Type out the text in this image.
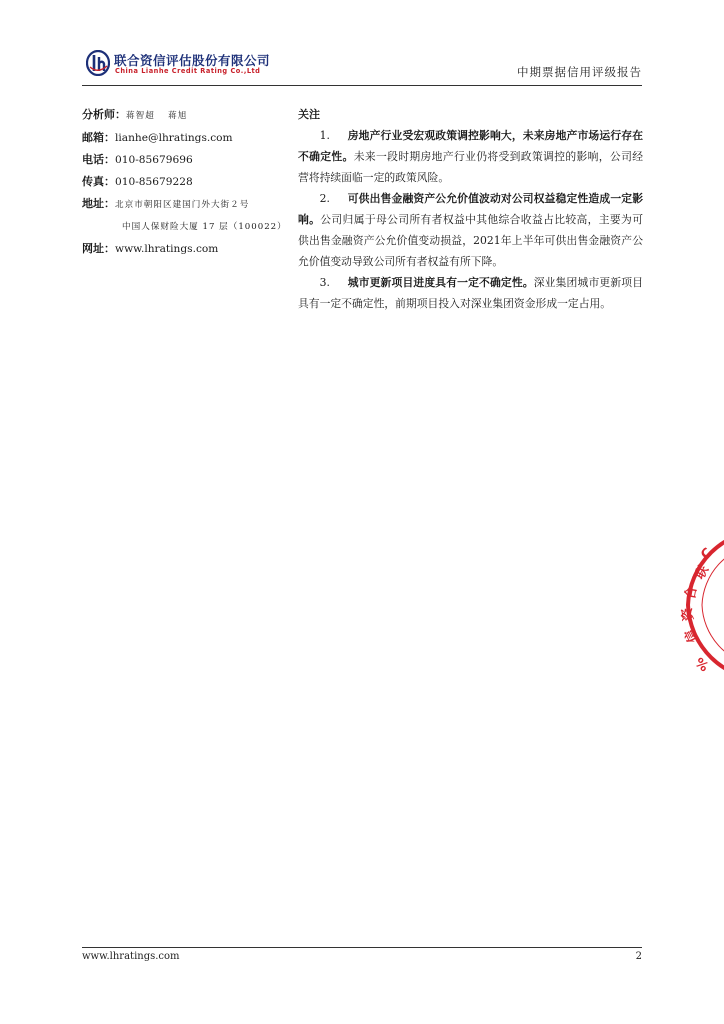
联合资信评估股份有限公司
China Lianhe Credit Rating Co.,Ltd	中期票据信用评级报告
分析师：蒋智超　 蒋旭
邮箱：lianhe@lhratings.com
电话：010-85679696
传真：010-85679228
地址：北京市朝阳区建国门外大街２号
中国人保财险大厦 17 层（100022）
网址：www.lhratings.com
关注

1. 房地产行业受宏观政策调控影响大，未来房地产市场运行存在不确定性。未来一段时期房地产行业仍将受到政策调控的影响，公司经营将持续面临一定的政策风险。

2. 可供出售金融资产公允价值波动对公司权益稳定性造成一定影响。公司归属于母公司所有者权益中其他综合收益占比较高，主要为可供出售金融资产公允价值变动损益，2021年上半年可供出售金融资产公允价值变动导致公司所有者权益有所下降。

3. 城市更新项目进度具有一定不确定性。深业集团城市更新项目具有一定不确定性，前期项目投入对深业集团资金形成一定占用。

联
合
资
信
C
%
www.lhratings.com	2
